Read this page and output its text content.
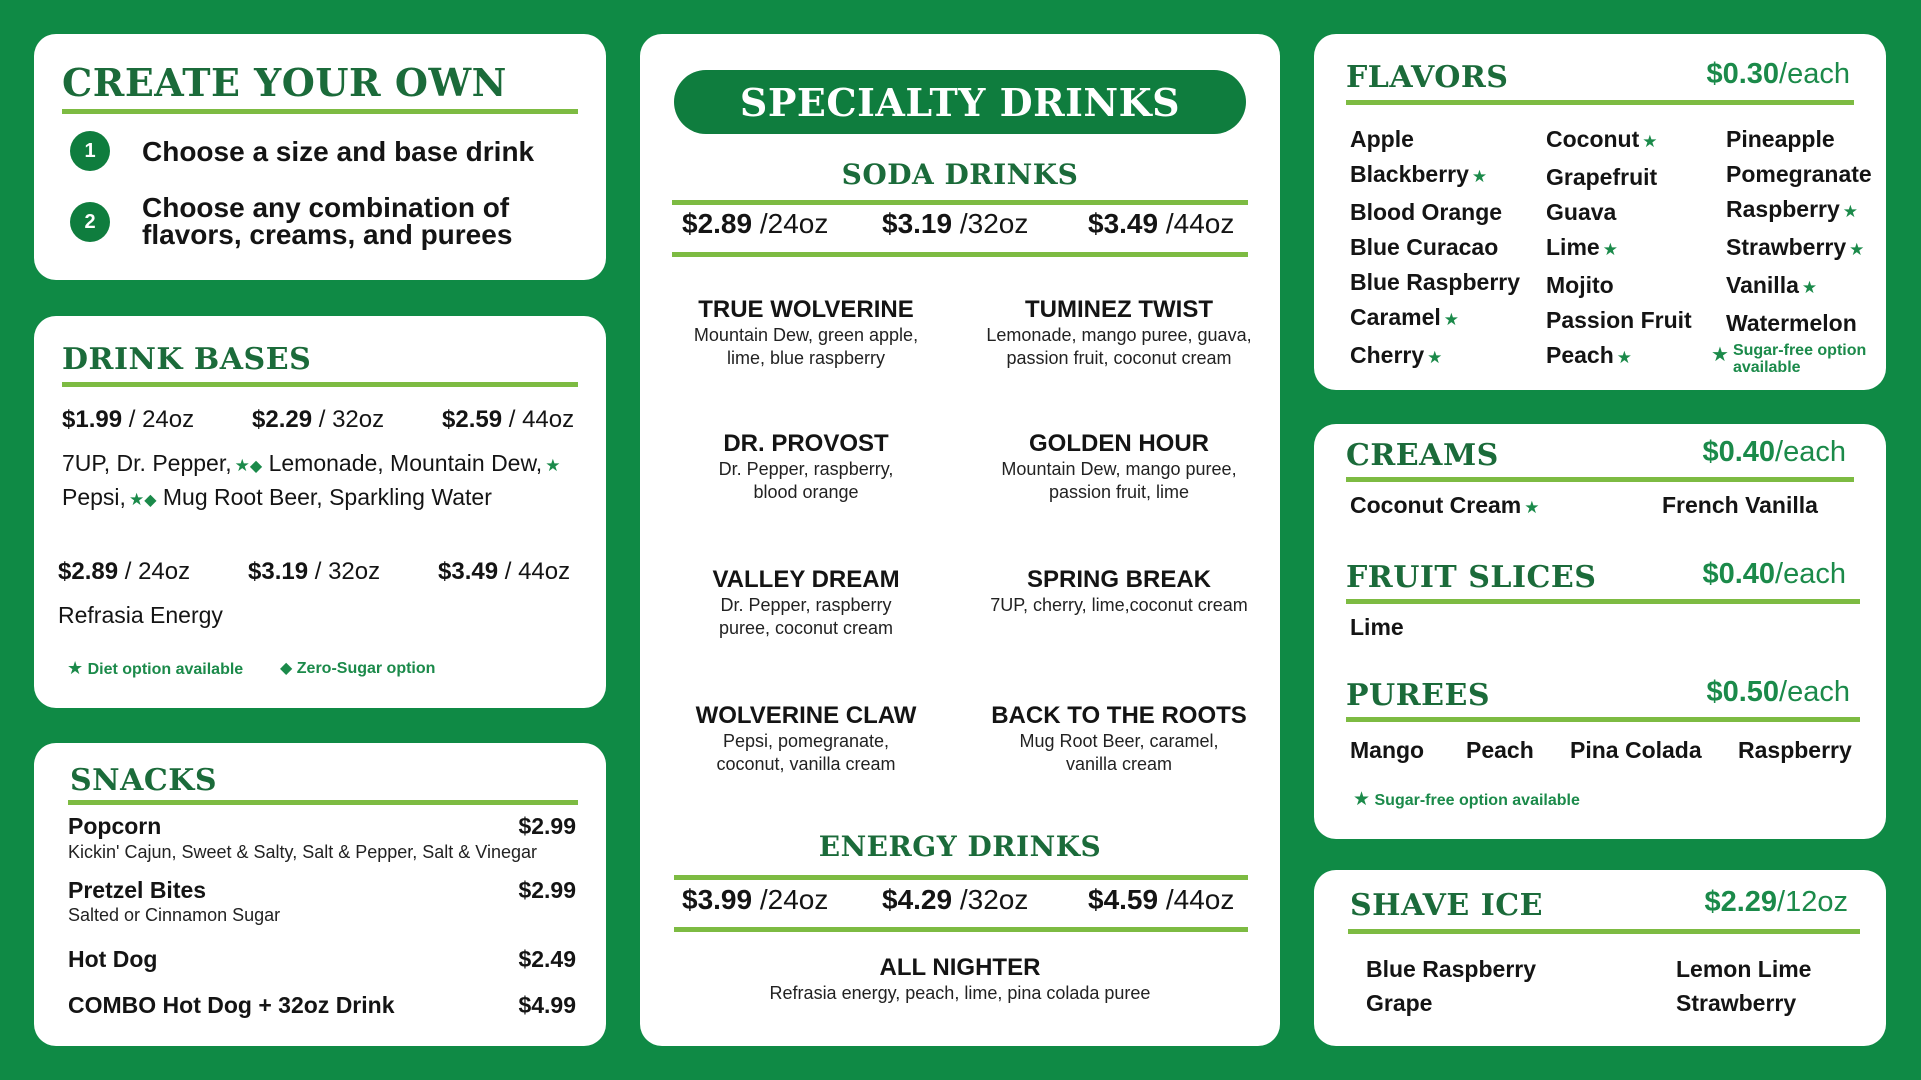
CREATE YOUR OWN
1	Choose a size and base drink
2	Choose any combination of
flavors, creams, and purees
DRINK BASES
$1.99 / 24oz $2.29 / 32oz $2.59 / 44oz
7UP, Dr. Pepper, ★◆ Lemonade, Mountain Dew, ★
Pepsi, ★◆ Mug Root Beer, Sparkling Water
$2.89 / 24oz $3.19 / 32oz $3.49 / 44oz
Refrasia Energy
★ Diet option available ◆ Zero-Sugar option
SNACKS
Popcorn	$2.99
Kickin' Cajun, Sweet & Salty, Salt & Pepper, Salt & Vinegar
Pretzel Bites	$2.99
Salted or Cinnamon Sugar
Hot Dog	$2.49
COMBO Hot Dog + 32oz Drink	$4.99
SPECIALTY DRINKS
SODA DRINKS
$2.89 /24oz $3.19 /32oz $3.49 /44oz
TRUE WOLVERINE
Mountain Dew, green apple,
lime, blue raspberry
TUMINEZ TWIST
Lemonade, mango puree, guava,
passion fruit, coconut cream
DR. PROVOST
Dr. Pepper, raspberry,
blood orange
GOLDEN HOUR
Mountain Dew, mango puree,
passion fruit, lime
VALLEY DREAM
Dr. Pepper, raspberry
puree, coconut cream
SPRING BREAK
7UP, cherry, lime,coconut cream
WOLVERINE CLAW
Pepsi, pomegranate,
coconut, vanilla cream
BACK TO THE ROOTS
Mug Root Beer, caramel,
vanilla cream
ENERGY DRINKS
$3.99 /24oz $4.29 /32oz $4.59 /44oz
ALL NIGHTER
Refrasia energy, peach, lime, pina colada puree
FLAVORS	$0.30/each
Apple
Blackberry ★
Blood Orange
Blue Curacao
Blue Raspberry
Caramel ★
Cherry ★
Coconut ★
Grapefruit
Guava
Lime ★
Mojito
Passion Fruit
Peach ★
Pineapple
Pomegranate
Raspberry ★
Strawberry ★
Vanilla ★
Watermelon
★ Sugar-free option
available
CREAMS	$0.40/each
Coconut Cream ★	French Vanilla
FRUIT SLICES	$0.40/each
Lime
PUREES	$0.50/each
Mango Peach Pina Colada Raspberry
★ Sugar-free option available
SHAVE ICE	$2.29/12oz
Blue Raspberry
Grape
Lemon Lime
Strawberry
